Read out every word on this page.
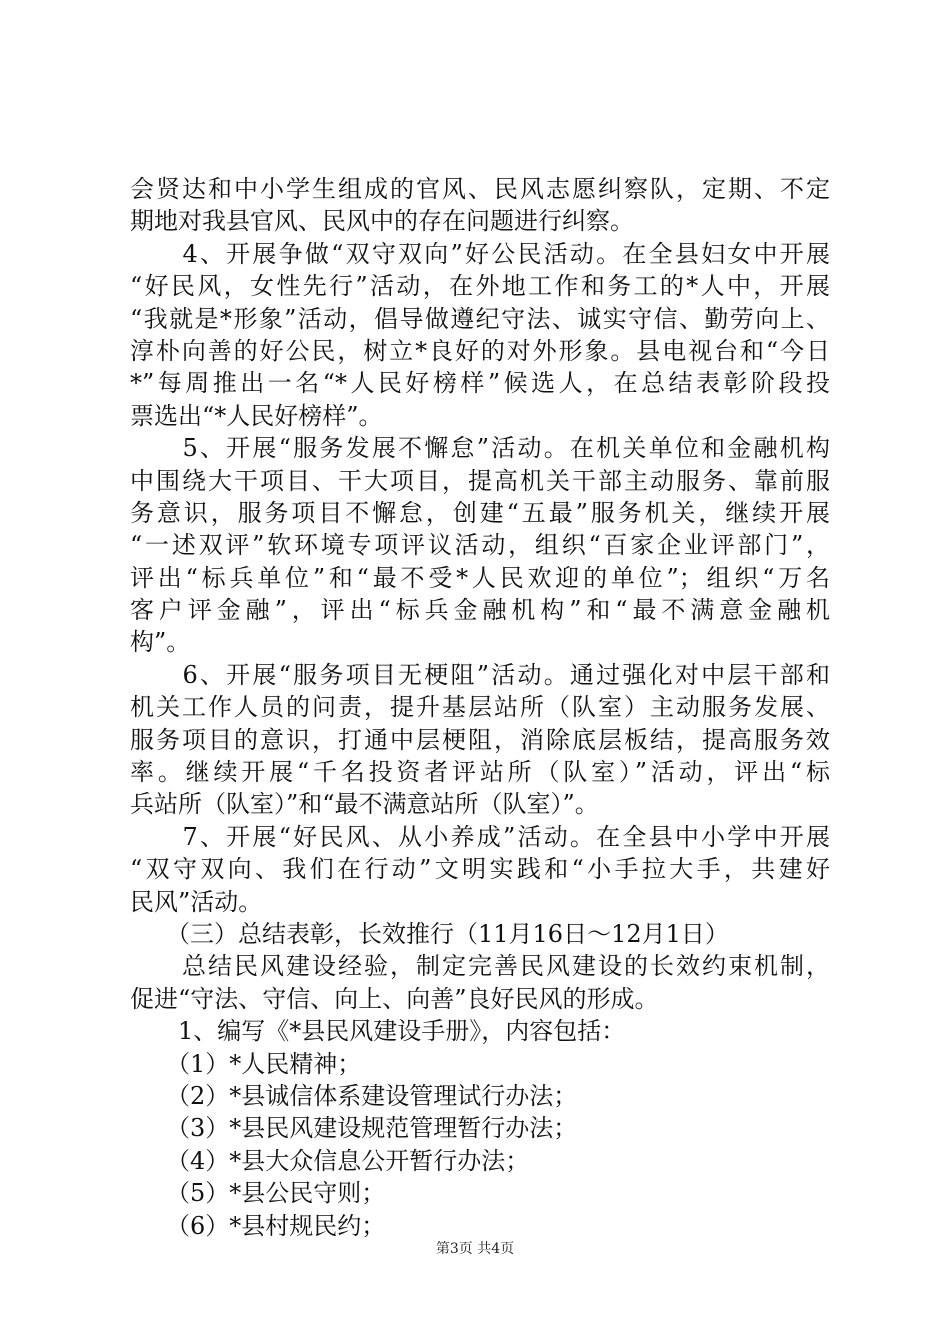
会贤达和中小学生组成的官风、民风志愿纠察队，定期、不定
期地对我县官风、民风中的存在问题进行纠察。
　　4、开展争做“双守双向”好公民活动。在全县妇女中开展
“好民风，女性先行”活动，在外地工作和务工的*人中，开展
“我就是*形象”活动，倡导做遵纪守法、诚实守信、勤劳向上、
淳朴向善的好公民，树立*良好的对外形象。县电视台和“今日
*”每周推出一名“*人民好榜样”候选人，在总结表彰阶段投
票选出“*人民好榜样”。
　　5、开展“服务发展不懈怠”活动。在机关单位和金融机构
中围绕大干项目、干大项目，提高机关干部主动服务、靠前服
务意识，服务项目不懈怠，创建“五最”服务机关，继续开展
“一述双评”软环境专项评议活动，组织“百家企业评部门”，
评出“标兵单位”和“最不受*人民欢迎的单位”；组织“万名
客户评金融”，评出“标兵金融机构”和“最不满意金融机
构”。
　　6、开展“服务项目无梗阻”活动。通过强化对中层干部和
机关工作人员的问责，提升基层站所（队室）主动服务发展、
服务项目的意识，打通中层梗阻，消除底层板结，提高服务效
率。继续开展“千名投资者评站所（队室）”活动，评出“标
兵站所（队室）”和“最不满意站所（队室）”。
　　7、开展“好民风、从小养成”活动。在全县中小学中开展
“双守双向、我们在行动”文明实践和“小手拉大手，共建好
民风”活动。
　　（三）总结表彰，长效推行（11月16日～12月1日）
　　总结民风建设经验，制定完善民风建设的长效约束机制，
促进“守法、守信、向上、向善”良好民风的形成。
　　1、编写《*县民风建设手册》，内容包括：
　　（1）*人民精神；
　　（2）*县诚信体系建设管理试行办法；
　　（3）*县民风建设规范管理暂行办法；
　　（4）*县大众信息公开暂行办法；
　　（5）*县公民守则；
　　（6）*县村规民约；
第3页 共4页
